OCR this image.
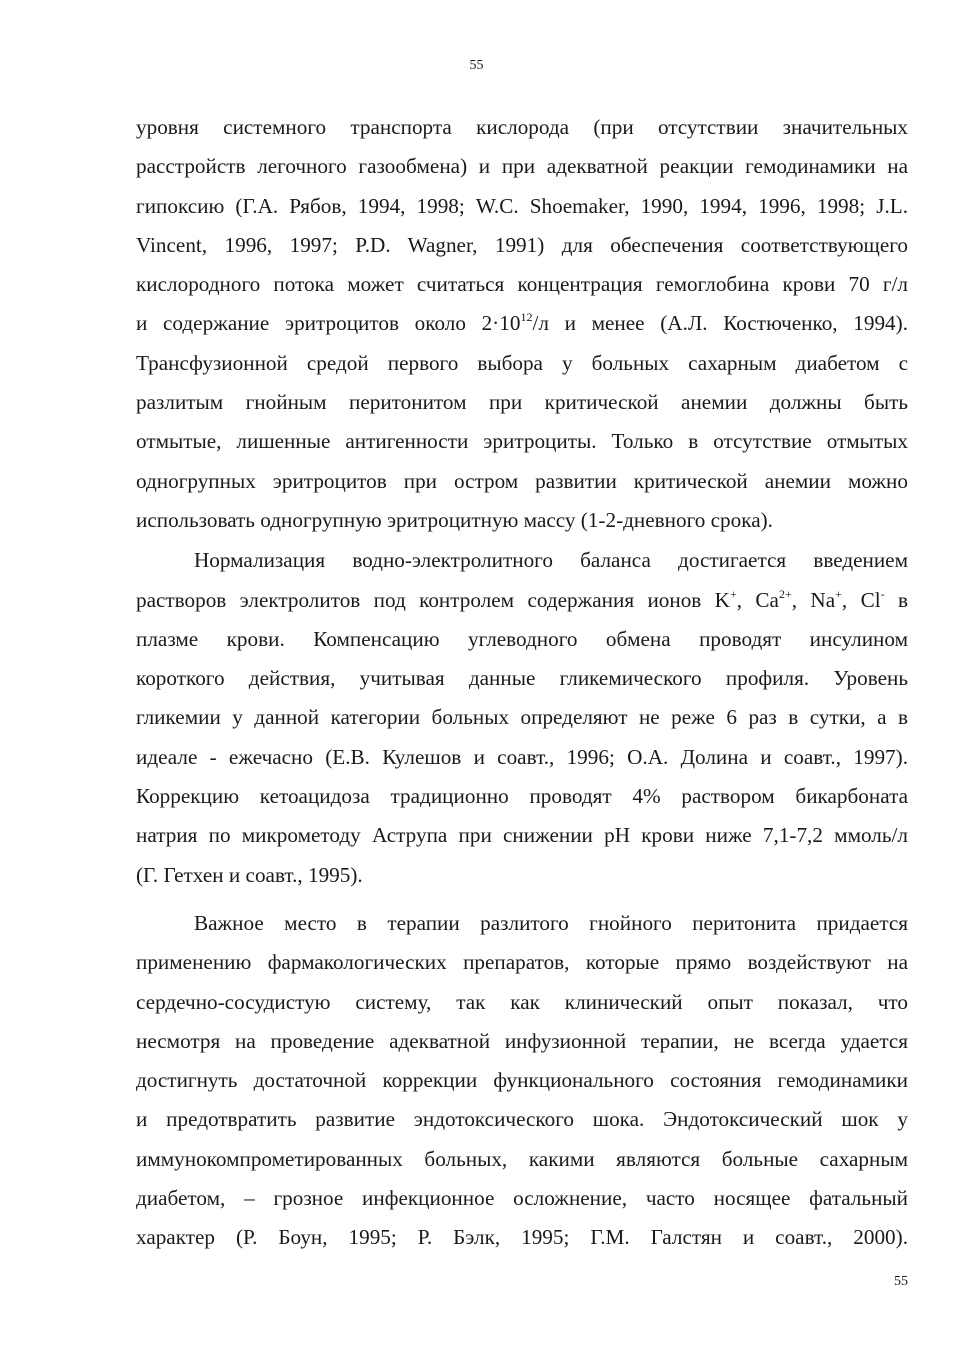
55

уровня системного транспорта кислорода (при отсутствии значительных

расстройств легочного газообмена) и при адекватной реакции гемодинамики на

гипоксию (Г.А. Рябов, 1994, 1998; W.C. Shoemaker, 1990, 1994, 1996, 1998; J.L.

Vincent, 1996, 1997; P.D. Wagner, 1991) для обеспечения соответствующего

кислородного потока может считаться концентрация гемоглобина крови 70 г/л

и содержание эритроцитов около $2\cdot 10^{12}/л$ и менее (А.Л. Костюченко, 1994).

Трансфузионной средой первого выбора у больных сахарным диабетом с

разлитым гнойным перитонитом при критической анемии должны быть

отмытые, лишенные антигенности эритроциты. Только в отсутствие отмытых

одногрупных эритроцитов при остром развитии критической анемии можно

использовать одногрупную эритроцитную массу (1-2-дневного срока).

Нормализация водно-электролитного баланса достигается введением

растворов электролитов под контролем содержания ионов K+, $Ca^{2+}$, Na+, Cl- в

плазме крови. Компенсацию углеводного обмена проводят инсулином

короткого действия, учитывая данные гликемического профиля. Уровень

гликемии у данной категории больных определяют не реже 6 раз в сутки, а в

идеале - ежечасно (Е.В. Кулешов и соавт., 1996; О.А. Долина и соавт., 1997).

Коррекцию кетоацидоза традиционно проводят 4% раствором бикарбоната

натрия по микрометоду Аструпа при снижении pH крови ниже 7,1-7,2 ммоль/л

(Г. Гетхен и соавт., 1995).

Важное место в терапии разлитого гнойного перитонита придается

применению фармакологических препаратов, которые прямо воздействуют на

сердечно-сосудистую систему, так как клинический опыт показал, что

несмотря на проведение адекватной инфузионной терапии, не всегда удается

достигнуть достаточной коррекции функционального состояния гемодинамики

и предотвратить развитие эндотоксического шока. Эндотоксический шок у

иммунокомпрометированных больных, какими являются больные сахарным

диабетом, – грозное инфекционное осложнение, часто носящее фатальный

характер (Р. Боун, 1995; Р. Бэлк, 1995; Г.М. Галстян и соавт., 2000).

55
